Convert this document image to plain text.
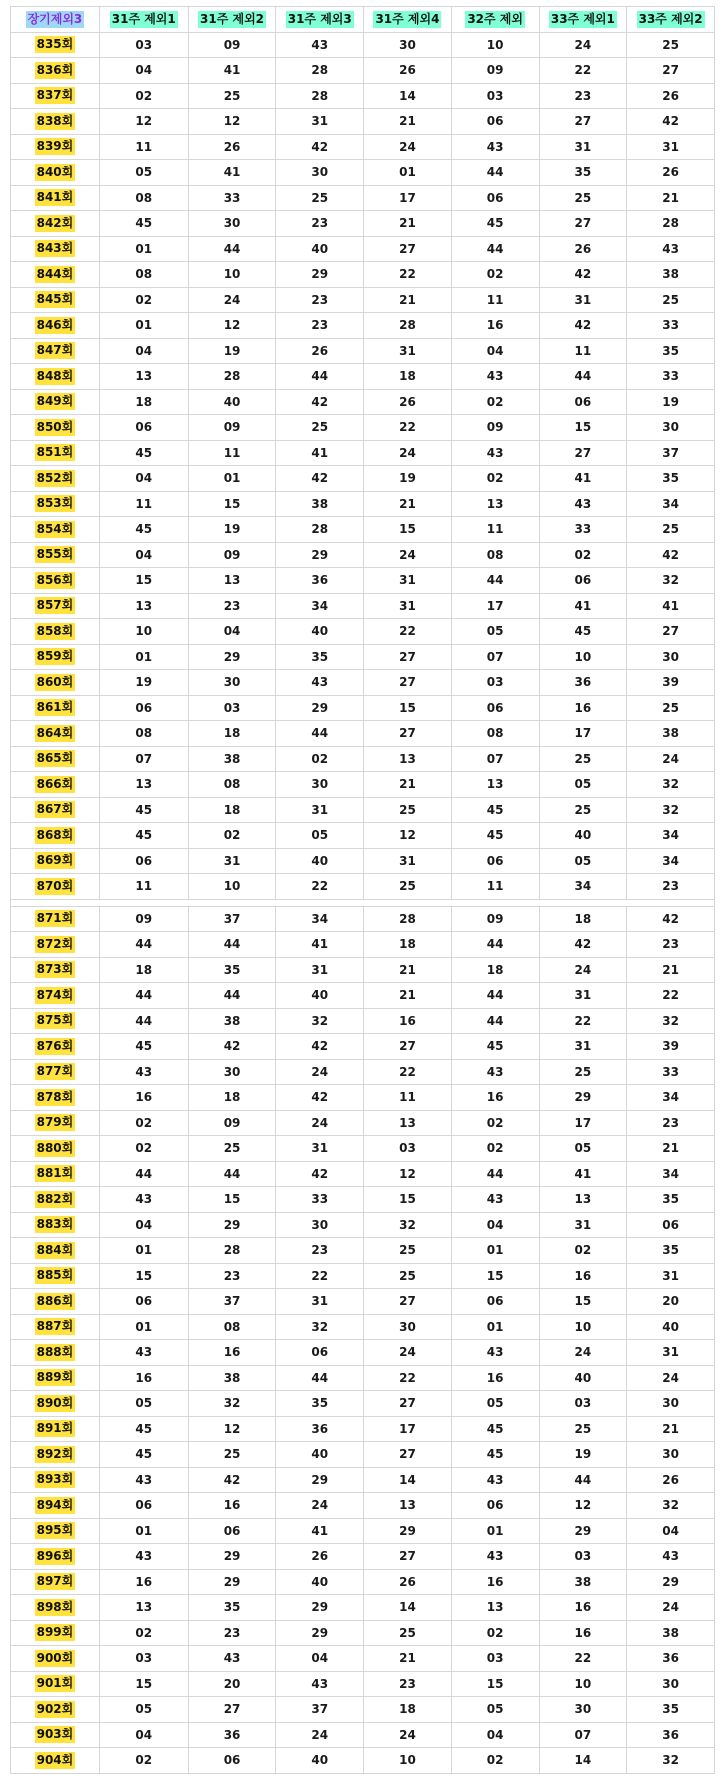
장기제외3	31주 제외1	31주 제외2	31주 제외3	31주 제외4	32주 제외	33주 제외1	33주 제외2
835회	03	09	43	30	10	24	25
836회	04	41	28	26	09	22	27
837회	02	25	28	14	03	23	26
838회	12	12	31	21	06	27	42
839회	11	26	42	24	43	31	31
840회	05	41	30	01	44	35	26
841회	08	33	25	17	06	25	21
842회	45	30	23	21	45	27	28
843회	01	44	40	27	44	26	43
844회	08	10	29	22	02	42	38
845회	02	24	23	21	11	31	25
846회	01	12	23	28	16	42	33
847회	04	19	26	31	04	11	35
848회	13	28	44	18	43	44	33
849회	18	40	42	26	02	06	19
850회	06	09	25	22	09	15	30
851회	45	11	41	24	43	27	37
852회	04	01	42	19	02	41	35
853회	11	15	38	21	13	43	34
854회	45	19	28	15	11	33	25
855회	04	09	29	24	08	02	42
856회	15	13	36	31	44	06	32
857회	13	23	34	31	17	41	41
858회	10	04	40	22	05	45	27
859회	01	29	35	27	07	10	30
860회	19	30	43	27	03	36	39
861회	06	03	29	15	06	16	25
864회	08	18	44	27	08	17	38
865회	07	38	02	13	07	25	24
866회	13	08	30	21	13	05	32
867회	45	18	31	25	45	25	32
868회	45	02	05	12	45	40	34
869회	06	31	40	31	06	05	34
870회	11	10	22	25	11	34	23

871회	09	37	34	28	09	18	42
872회	44	44	41	18	44	42	23
873회	18	35	31	21	18	24	21
874회	44	44	40	21	44	31	22
875회	44	38	32	16	44	22	32
876회	45	42	42	27	45	31	39
877회	43	30	24	22	43	25	33
878회	16	18	42	11	16	29	34
879회	02	09	24	13	02	17	23
880회	02	25	31	03	02	05	21
881회	44	44	42	12	44	41	34
882회	43	15	33	15	43	13	35
883회	04	29	30	32	04	31	06
884회	01	28	23	25	01	02	35
885회	15	23	22	25	15	16	31
886회	06	37	31	27	06	15	20
887회	01	08	32	30	01	10	40
888회	43	16	06	24	43	24	31
889회	16	38	44	22	16	40	24
890회	05	32	35	27	05	03	30
891회	45	12	36	17	45	25	21
892회	45	25	40	27	45	19	30
893회	43	42	29	14	43	44	26
894회	06	16	24	13	06	12	32
895회	01	06	41	29	01	29	04
896회	43	29	26	27	43	03	43
897회	16	29	40	26	16	38	29
898회	13	35	29	14	13	16	24
899회	02	23	29	25	02	16	38
900회	03	43	04	21	03	22	36
901회	15	20	43	23	15	10	30
902회	05	27	37	18	05	30	35
903회	04	36	24	24	04	07	36
904회	02	06	40	10	02	14	32
